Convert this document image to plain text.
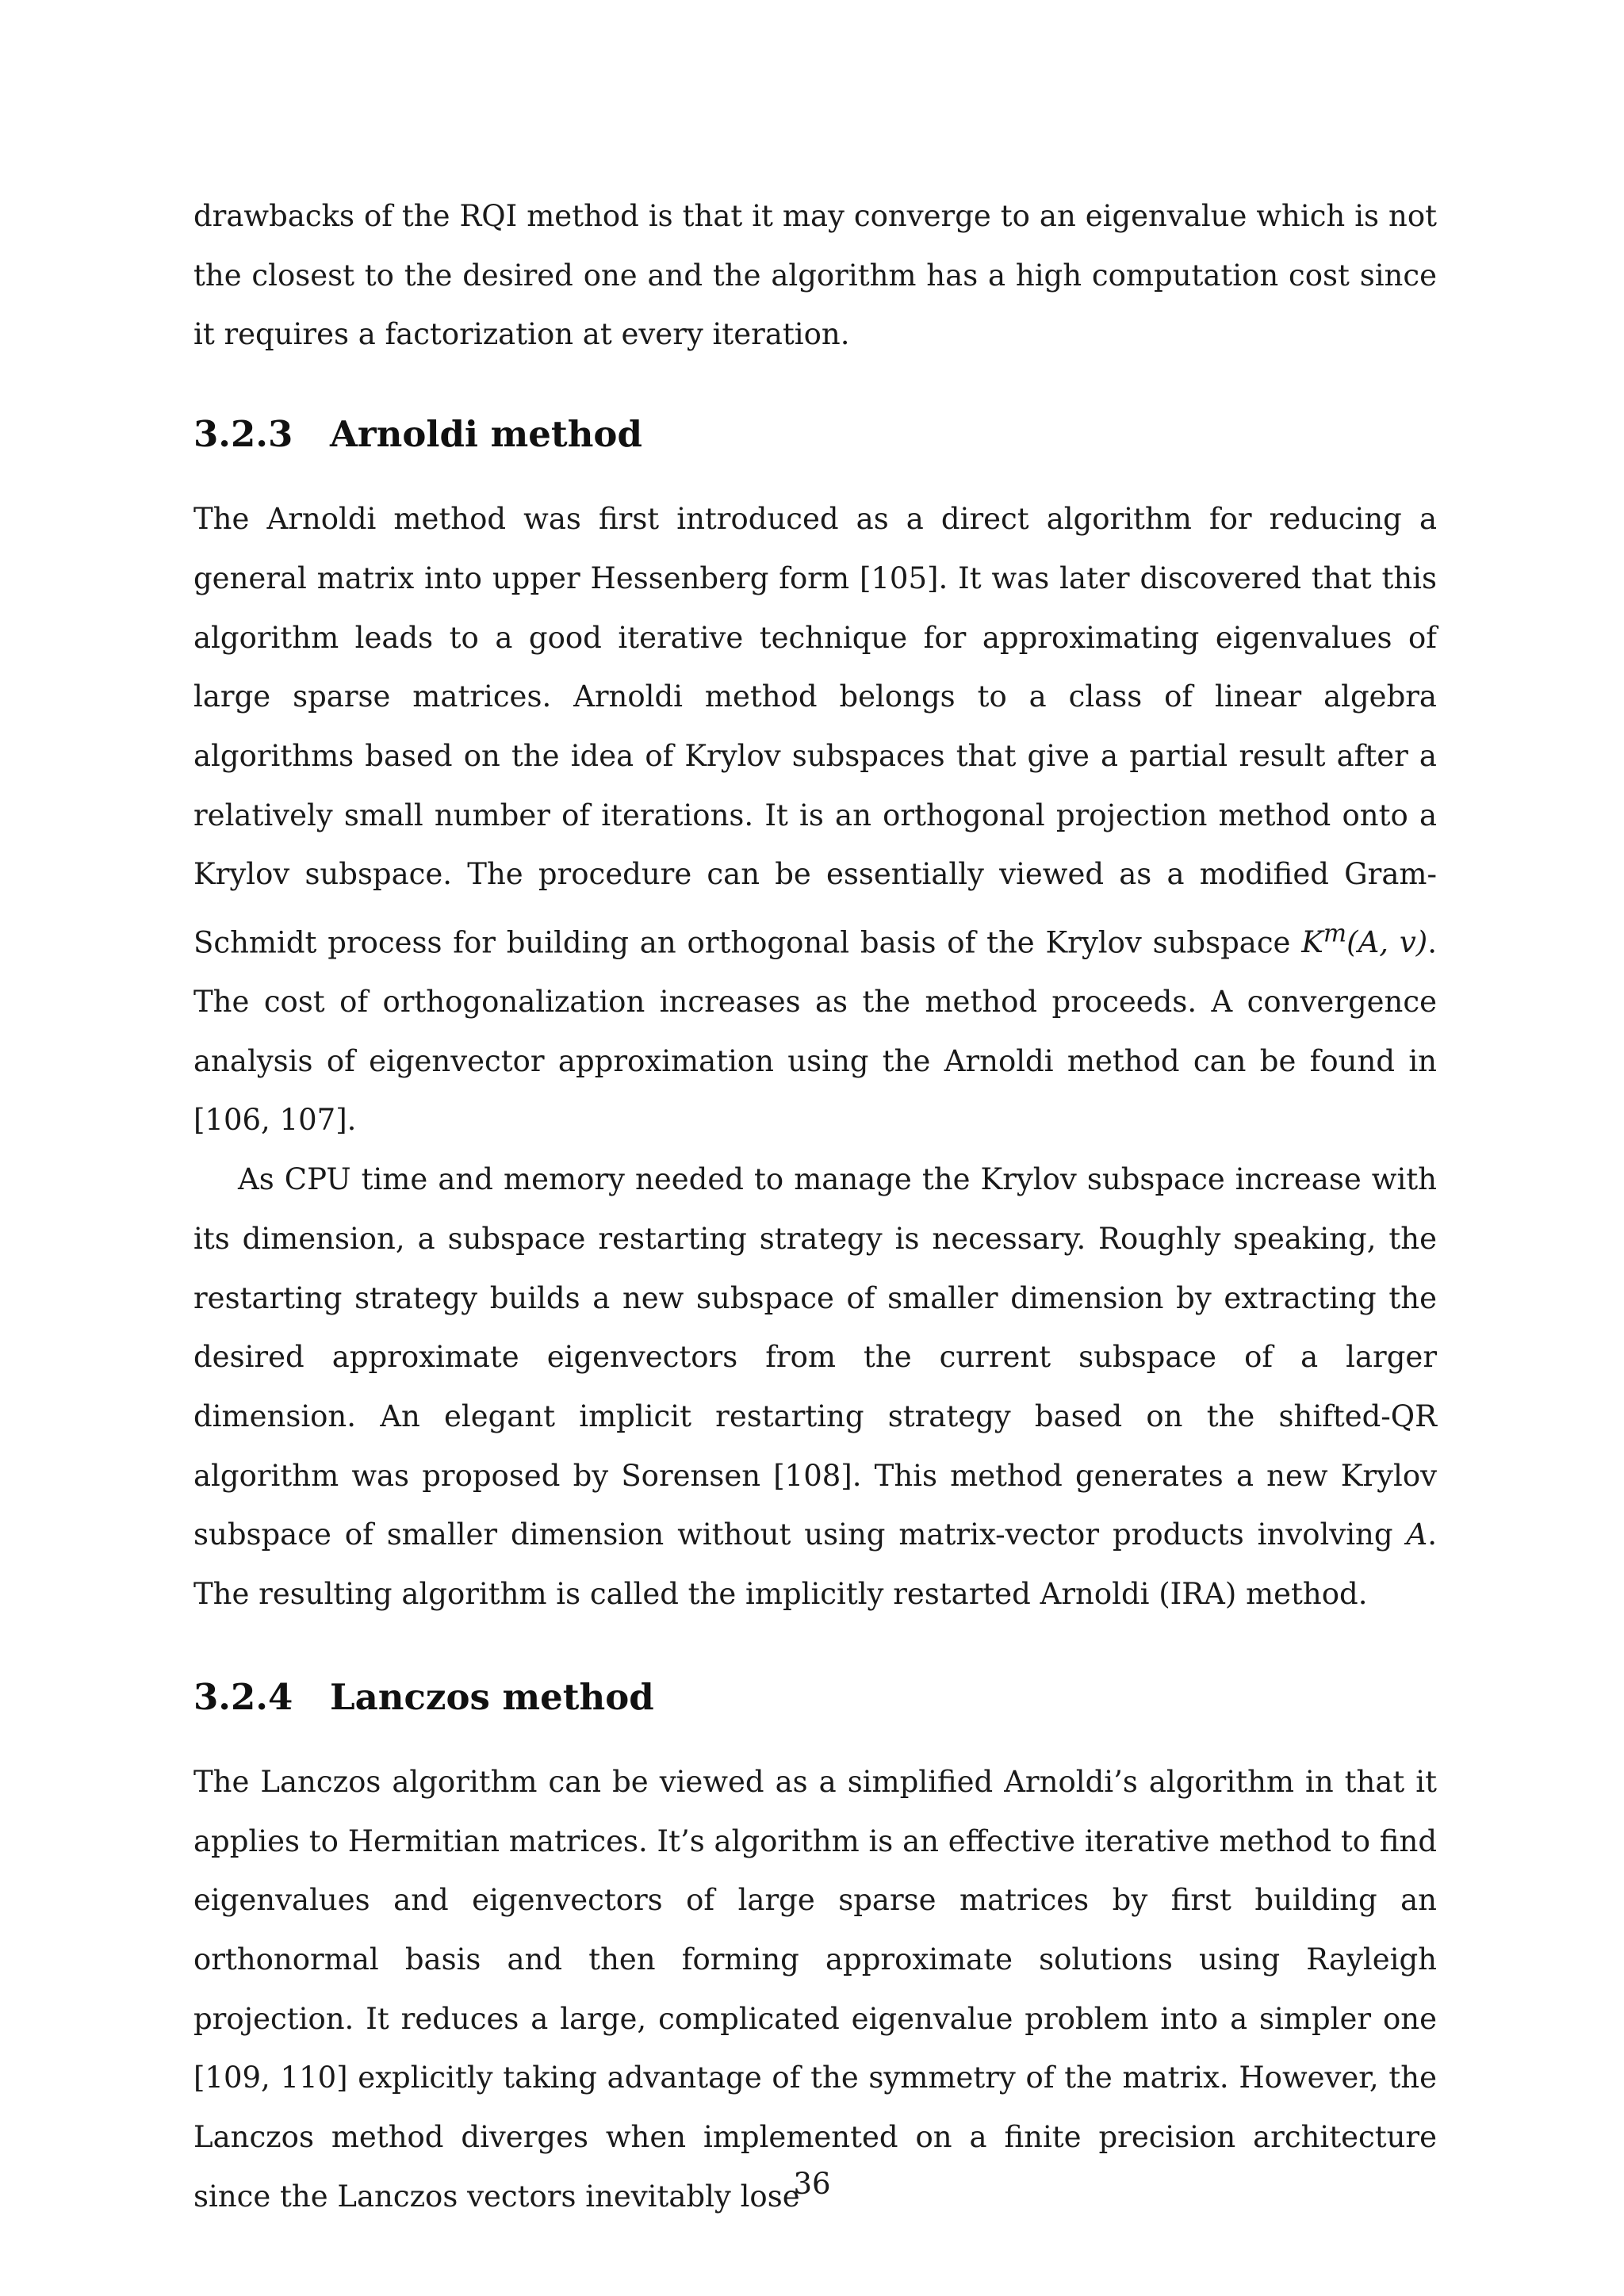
drawbacks of the RQI method is that it may converge to an eigenvalue which is not the closest to the desired one and the algorithm has a high computation cost since it requires a factorization at every iteration.

3.2.3	Arnoldi method

The Arnoldi method was first introduced as a direct algorithm for reducing a general matrix into upper Hessenberg form [105]. It was later discovered that this algorithm leads to a good iterative technique for approximating eigenvalues of large sparse matrices. Arnoldi method belongs to a class of linear algebra algorithms based on the idea of Krylov subspaces that give a partial result after a relatively small number of iterations. It is an orthogonal projection method onto a Krylov subspace. The procedure can be essentially viewed as a modified Gram-Schmidt process for building an orthogonal basis of the Krylov subspace $K^m(A$, v). The cost of orthogonalization increases as the method proceeds. A convergence analysis of eigenvector approximation using the Arnoldi method can be found in [106, 107].

As CPU time and memory needed to manage the Krylov subspace increase with its dimension, a subspace restarting strategy is necessary. Roughly speaking, the restarting strategy builds a new subspace of smaller dimension by extracting the desired approximate eigenvectors from the current subspace of a larger dimension. An elegant implicit restarting strategy based on the shifted-QR algorithm was proposed by Sorensen [108]. This method generates a new Krylov subspace of smaller dimension without using matrix-vector products involving A. The resulting algorithm is called the implicitly restarted Arnoldi (IRA) method.

3.2.4	Lanczos method

The Lanczos algorithm can be viewed as a simplified Arnoldi’s algorithm in that it applies to Hermitian matrices. It’s algorithm is an effective iterative method to find eigenvalues and eigenvectors of large sparse matrices by first building an orthonormal basis and then forming approximate solutions using Rayleigh projection. It reduces a large, complicated eigenvalue problem into a simpler one [109, 110] explicitly taking advantage of the symmetry of the matrix. However, the Lanczos method diverges when implemented on a finite precision architecture since the Lanczos vectors inevitably lose

36
